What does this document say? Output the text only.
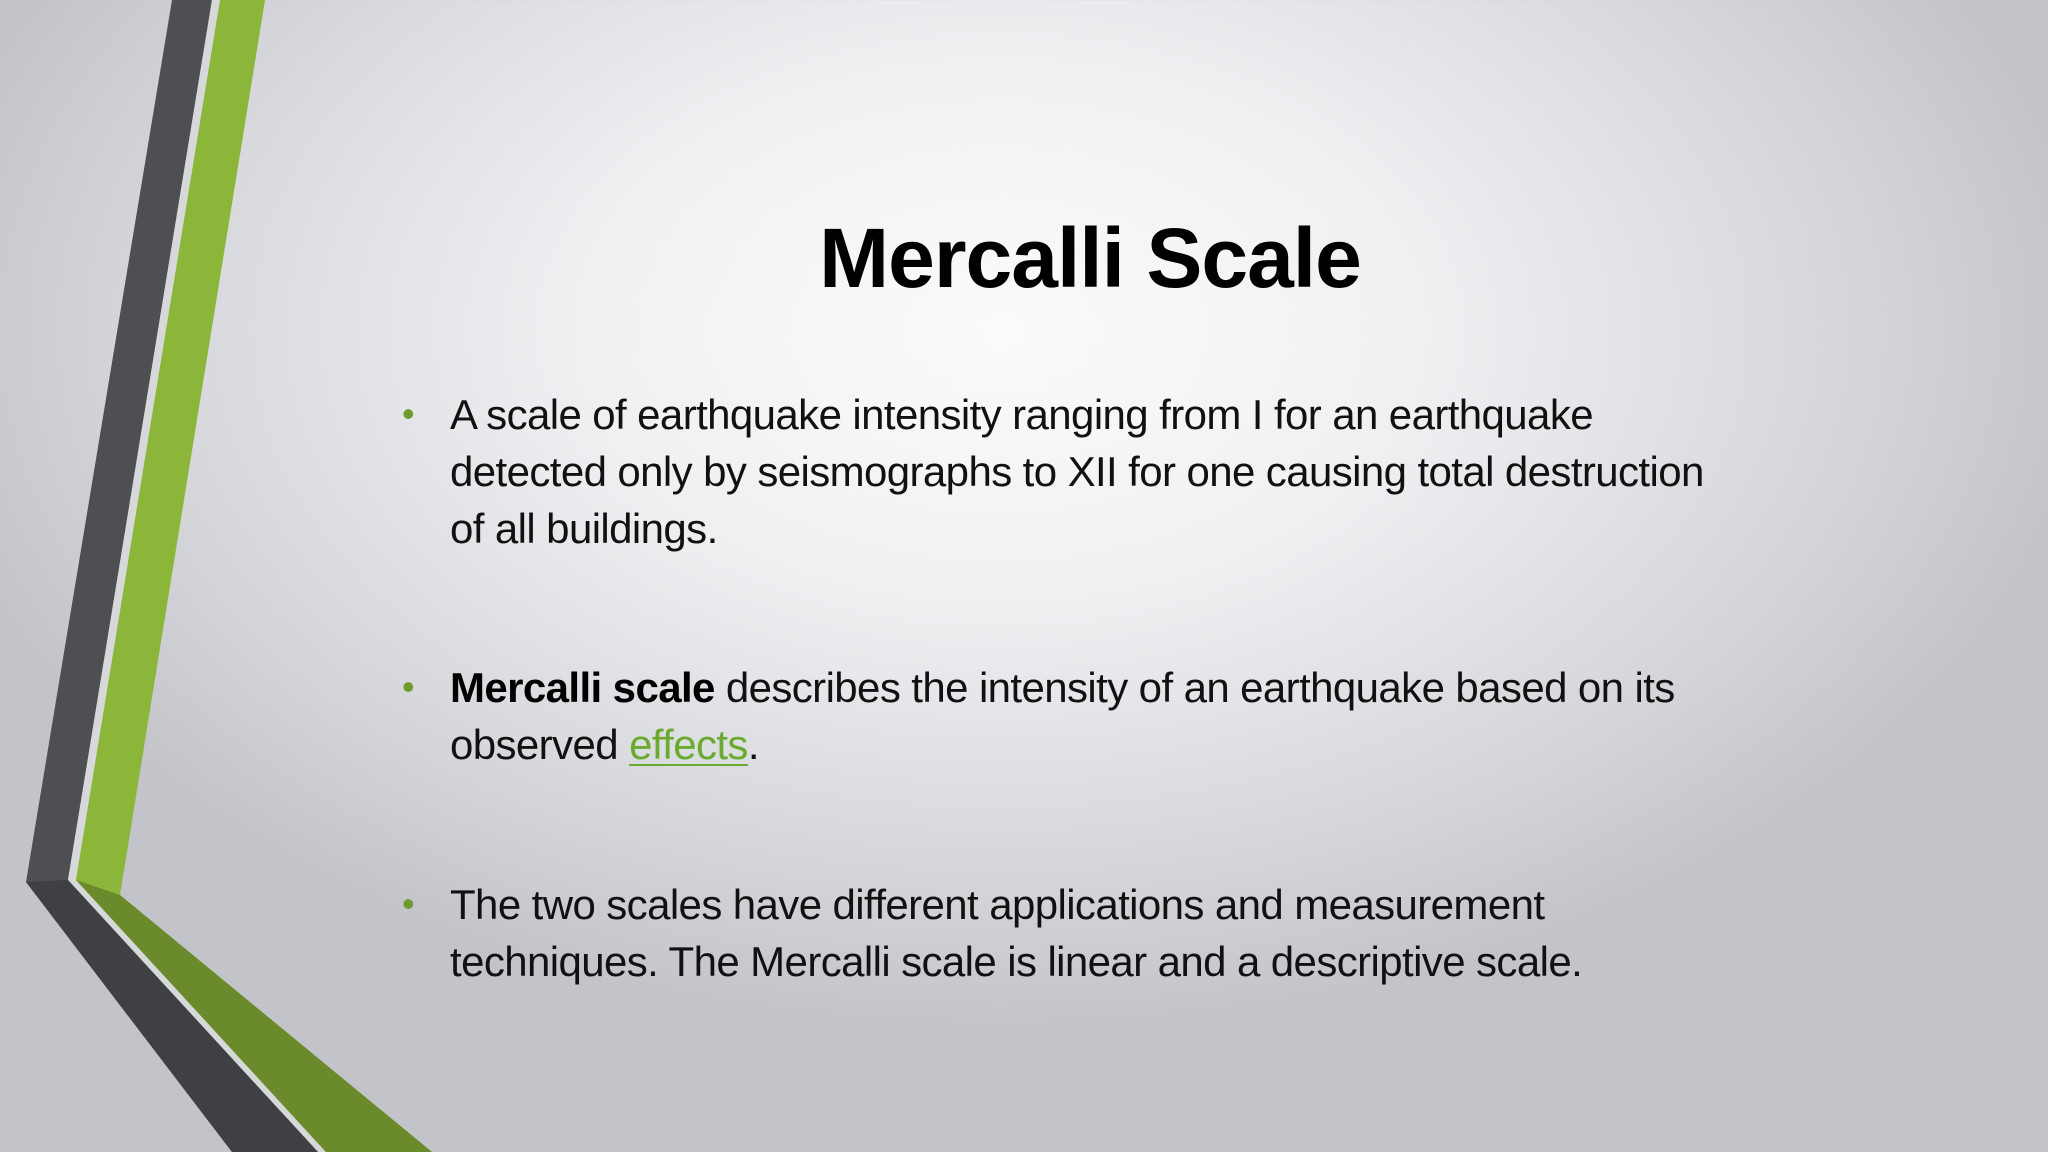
Mercalli Scale
• A scale of earthquake intensity ranging from I for an earthquake detected only by seismographs to XII for one causing total destruction of all buildings.
• Mercalli scale describes the intensity of an earthquake based on its observed effects.
• The two scales have different applications and measurement techniques. The Mercalli scale is linear and a descriptive scale.
